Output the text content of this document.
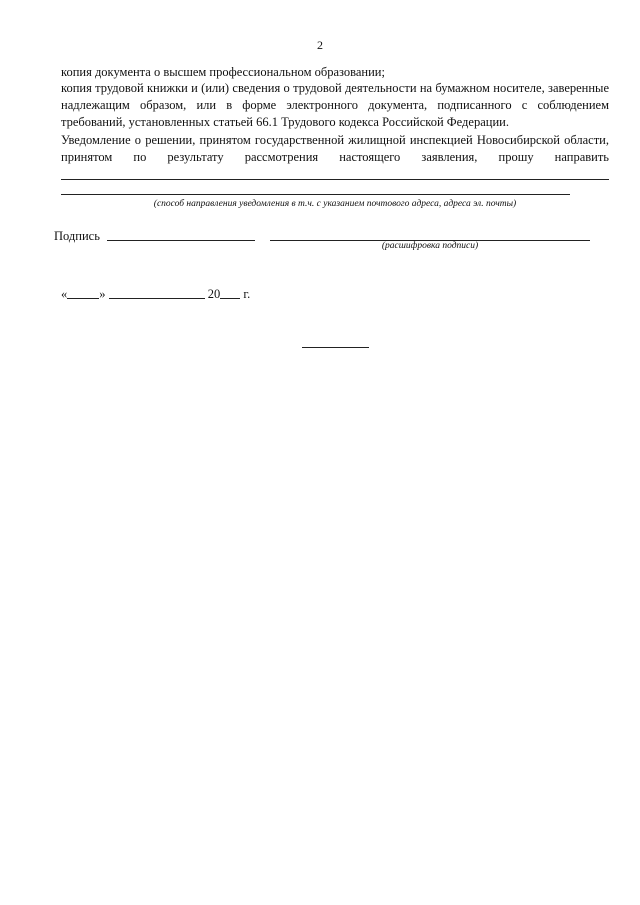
2
копия документа о высшем профессиональном образовании;
копия трудовой книжки и (или) сведения о трудовой деятельности на бумажном носителе, заверенные надлежащим образом, или в форме электронного документа, подписанного с соблюдением требований, установленных статьей 66.1 Трудового кодекса Российской Федерации.
Уведомление о решении, принятом государственной жилищной инспекцией Новосибирской области, принятом по результату рассмотрения настоящего заявления, прошу направить
(способ направления уведомления в т.ч. с указанием почтового адреса, адреса эл. почты)
Подпись
(расшифровка подписи)
«	»	20 г.
